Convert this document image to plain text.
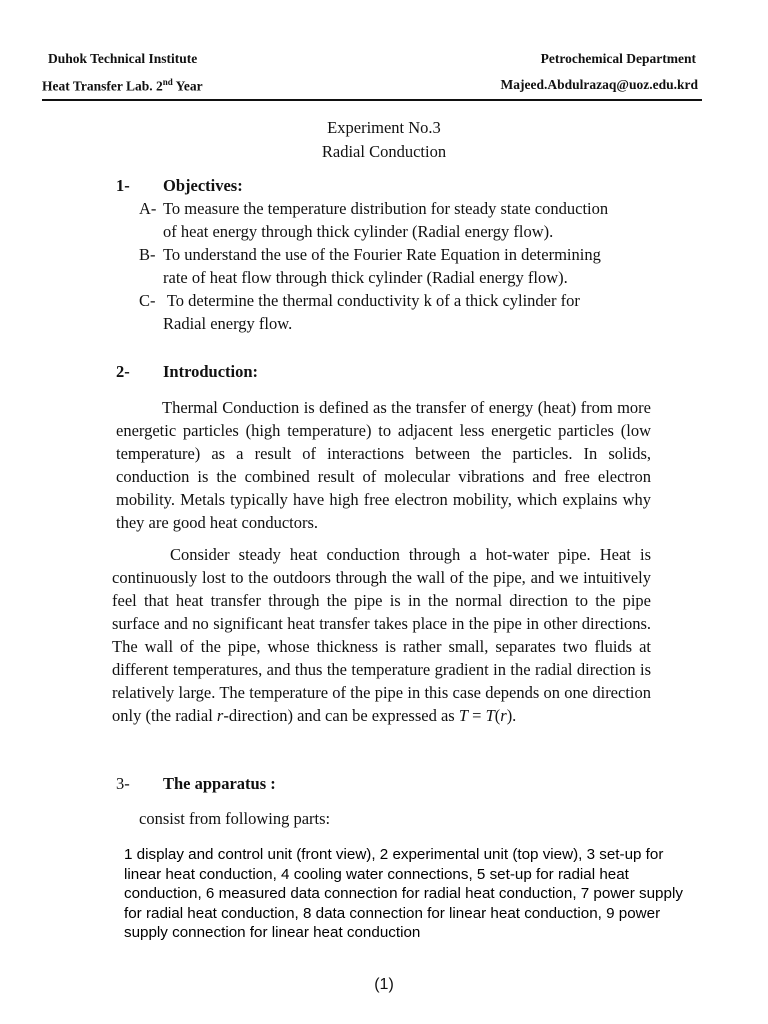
Duhok Technical Institute	Petrochemical Department
Heat Transfer Lab. 2nd Year	Majeed.Abdulrazaq@uoz.edu.krd
Experiment No.3
Radial Conduction
1- Objectives:
A- To measure the temperature distribution for steady state conduction
of heat energy through thick cylinder (Radial energy flow).
B- To understand the use of the Fourier Rate Equation in determining
rate of heat flow through thick cylinder (Radial energy flow).
C- To determine the thermal conductivity k of a thick cylinder for
Radial energy flow.
2- Introduction:
Thermal Conduction is defined as the transfer of energy (heat) from more energetic particles (high temperature) to adjacent less energetic particles (low temperature) as a result of interactions between the particles. In solids, conduction is the combined result of molecular vibrations and free electron mobility. Metals typically have high free electron mobility, which explains why they are good heat conductors.
Consider steady heat conduction through a hot-water pipe. Heat is continuously lost to the outdoors through the wall of the pipe, and we intuitively feel that heat transfer through the pipe is in the normal direction to the pipe surface and no significant heat transfer takes place in the pipe in other directions. The wall of the pipe, whose thickness is rather small, separates two fluids at different temperatures, and thus the temperature gradient in the radial direction is relatively large. The temperature of the pipe in this case depends on one direction only (the radial r-direction) and can be expressed as T = T(r).
3- The apparatus :
consist from following parts:
1 display and control unit (front view), 2 experimental unit (top view), 3 set-up for
linear heat conduction, 4 cooling water connections, 5 set-up for radial heat
conduction, 6 measured data connection for radial heat conduction, 7 power supply
for radial heat conduction, 8 data connection for linear heat conduction, 9 power
supply connection for linear heat conduction
(1)
